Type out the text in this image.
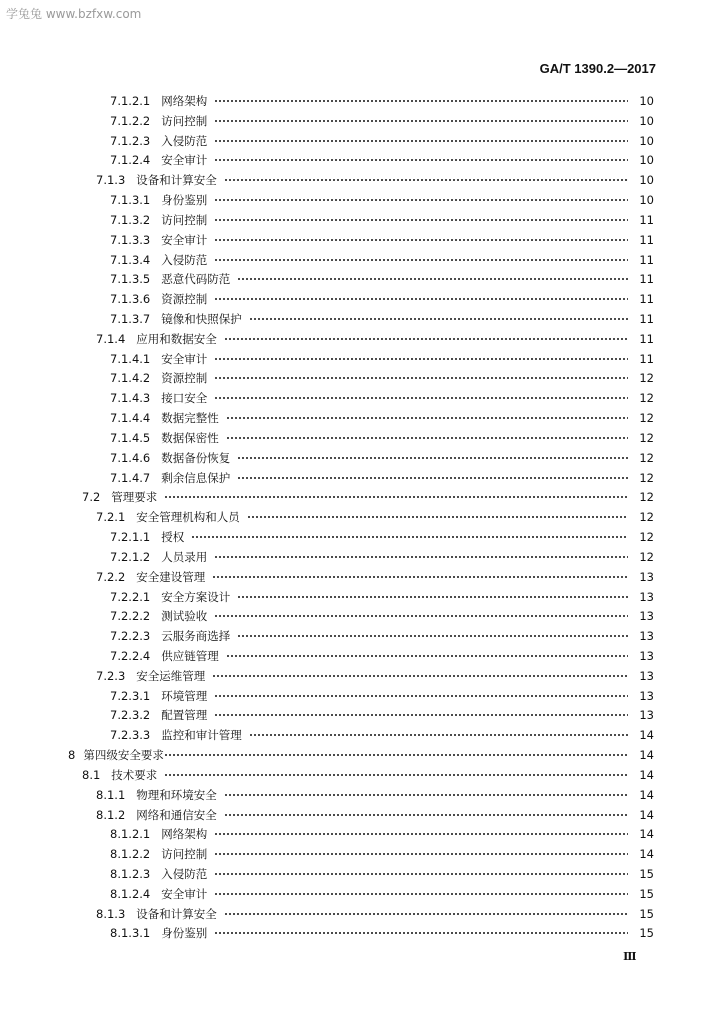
学兔兔 www.bzfxw.com
GA/T 1390.2—2017
7.1.2.1 网络架构	10
7.1.2.2 访问控制	10
7.1.2.3 入侵防范	10
7.1.2.4 安全审计	10
7.1.3 设备和计算安全	10
7.1.3.1 身份鉴别	10
7.1.3.2 访问控制	11
7.1.3.3 安全审计	11
7.1.3.4 入侵防范	11
7.1.3.5 恶意代码防范	11
7.1.3.6 资源控制	11
7.1.3.7 镜像和快照保护	11
7.1.4 应用和数据安全	11
7.1.4.1 安全审计	11
7.1.4.2 资源控制	12
7.1.4.3 接口安全	12
7.1.4.4 数据完整性	12
7.1.4.5 数据保密性	12
7.1.4.6 数据备份恢复	12
7.1.4.7 剩余信息保护	12
7.2 管理要求	12
7.2.1 安全管理机构和人员	12
7.2.1.1 授权	12
7.2.1.2 人员录用	12
7.2.2 安全建设管理	13
7.2.2.1 安全方案设计	13
7.2.2.2 测试验收	13
7.2.2.3 云服务商选择	13
7.2.2.4 供应链管理	13
7.2.3 安全运维管理	13
7.2.3.1 环境管理	13
7.2.3.2 配置管理	13
7.2.3.3 监控和审计管理	14
8 第四级安全要求	14
8.1 技术要求	14
8.1.1 物理和环境安全	14
8.1.2 网络和通信安全	14
8.1.2.1 网络架构	14
8.1.2.2 访问控制	14
8.1.2.3 入侵防范	15
8.1.2.4 安全审计	15
8.1.3 设备和计算安全	15
8.1.3.1 身份鉴别	15
Ⅲ
